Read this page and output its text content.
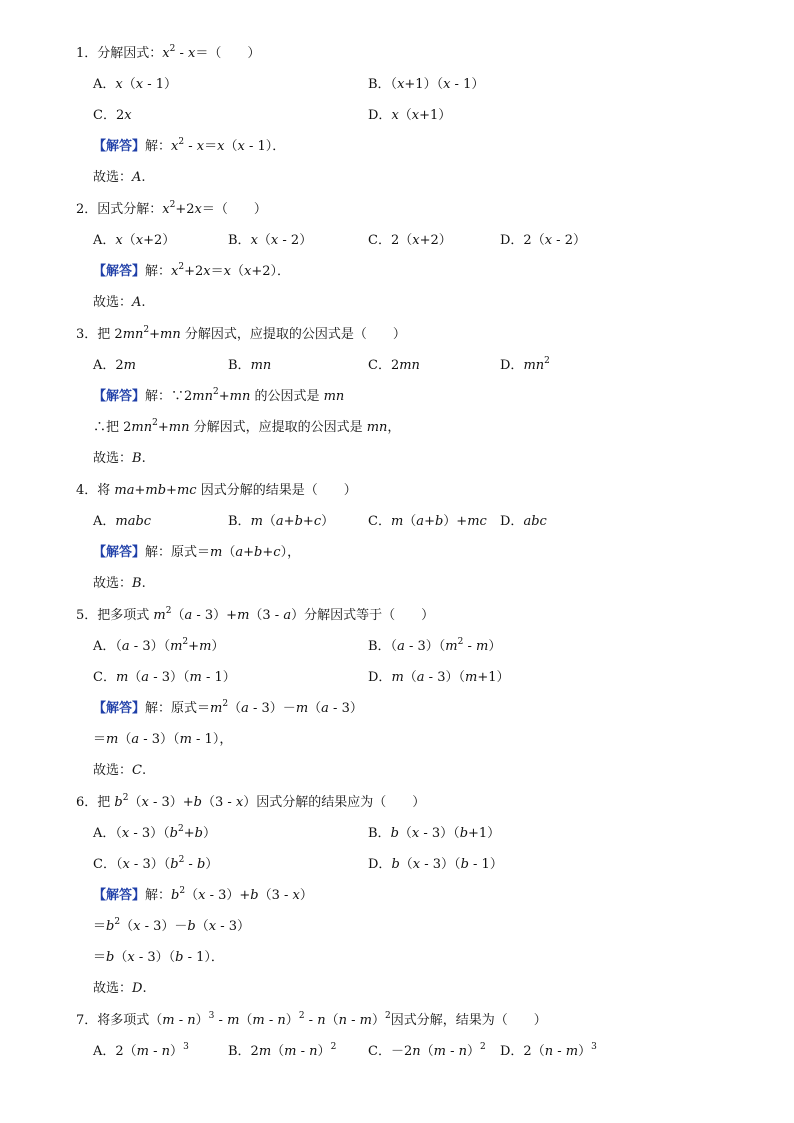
1．分解因式：$x^2 - x=$（　　）
A．x（x - 1）	B．（x+1）（x - 1）
C．2x	D．x（x+1）
【解答】解：$x^2 - x=x(x - 1)$．
故选：A.
2．因式分解：$x^2+2x=$（　　）
A．x（x+2）	B．x（x - 2）	C．2（x+2）	D．2（x - 2）
【解答】解：$x^2+2x=x(x+2)$．
故选：A.
3．把 $2mn^2+mn$ 分解因式，应提取的公因式是（　　）
A．2m	B．mn	C．2mn	D．$mn^2$
【解答】解：$\because 2mn^2+mn$ 的公因式是 mn
∴把 $2mn^2+mn$ 分解因式，应提取的公因式是 mn，
故选：B.
4．将 ma+mb+mc 因式分解的结果是（　　）
A．mabc	B．m（a+b+c）	C．m（a+b）+mc D．abc
【解答】解：原式＝m（a+b+c），
故选：B.
5．把多项式 $m^2(a - 3)+m(3 - a)$分解因式等于（　　）
A．$(a - 3)(m^2+m)$	B．$(a - 3)(m^2 - m)$
C．m（a - 3）（m - 1）	D．m（a - 3）（m+1）
【解答】解：原式$=m^2(a - 3)-m(a - 3)$
＝m（a - 3）（m - 1），
故选：C.
6．把 $b^2(x - 3)+b(3 - x)$因式分解的结果应为（　　）
A．$(x - 3)(b^2+b)$	B．b（x - 3）（b+1）
C．$(x - 3)(b^2 - b)$	D．b（x - 3）（b - 1）
【解答】解：$b^2(x - 3)+b(3 - x)$
$=b^2(x - 3)-b(x - 3)$
＝b（x - 3）（b - 1）．
故选：D.
7．将多项式（m - n）$^3$ - m（m - n）$^2$ - n（n - m）$^2$因式分解，结果为（　　）
A．2（m - n）$^3$	B．2m（m - n）$^2$ C．－2n（m - n）$^2$ D．2（n - m）$^3$
